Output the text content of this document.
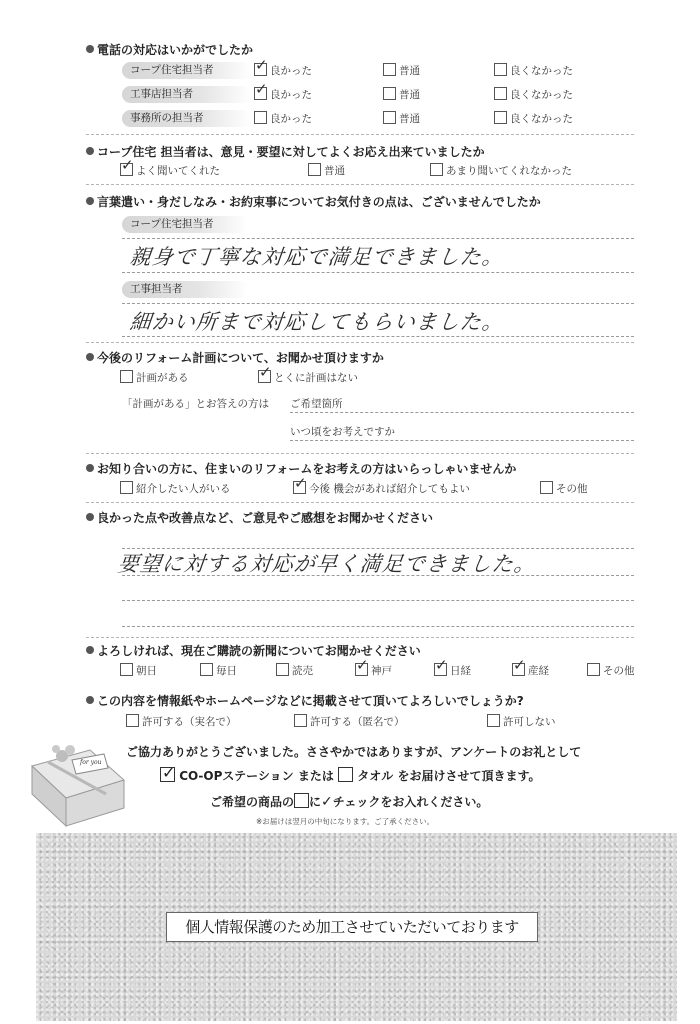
電話の対応はいかがでしたか
コープ住宅担当者	✓ 良かった	普通	良くなかった
工事店担当者	✓ 良かった	普通	良くなかった
事務所の担当者	良かった	普通	良くなかった
コープ住宅 担当者は、意見・要望に対してよくお応え出来ていましたか
✓ よく聞いてくれた	普通	あまり聞いてくれなかった
言葉遣い・身だしなみ・お約束事についてお気付きの点は、ございませんでしたか
コープ住宅担当者
親身で丁寧な対応で満足できました。
工事担当者
細かい所まで対応してもらいました。
今後のリフォーム計画について、お聞かせ頂けますか
計画がある	✓ とくに計画はない
「計画がある」とお答えの方は ご希望箇所
いつ頃をお考えですか
お知り合いの方に、住まいのリフォームをお考えの方はいらっしゃいませんか
紹介したい人がいる	✓ 今後 機会があれば紹介してもよい	その他
良かった点や改善点など、ご意見やご感想をお聞かせください
要望に対する対応が早く満足できました。
よろしければ、現在ご購読の新聞についてお聞かせください
朝日	毎日	読売	✓ 神戸	✓ 日経	✓ 産経	その他
この内容を情報紙やホームページなどに掲載させて頂いてよろしいでしょうか?
許可する（実名で）	許可する（匿名で）	許可しない
for you
ご協力ありがとうございました。ささやかではありますが、アンケートのお礼として
✓ CO-OPステーション または タオル をお届けさせて頂きます。
ご希望の商品の に✓チェックをお入れください。
※お届けは翌月の中旬になります。ご了承ください。
個人情報保護のため加工させていただいております
